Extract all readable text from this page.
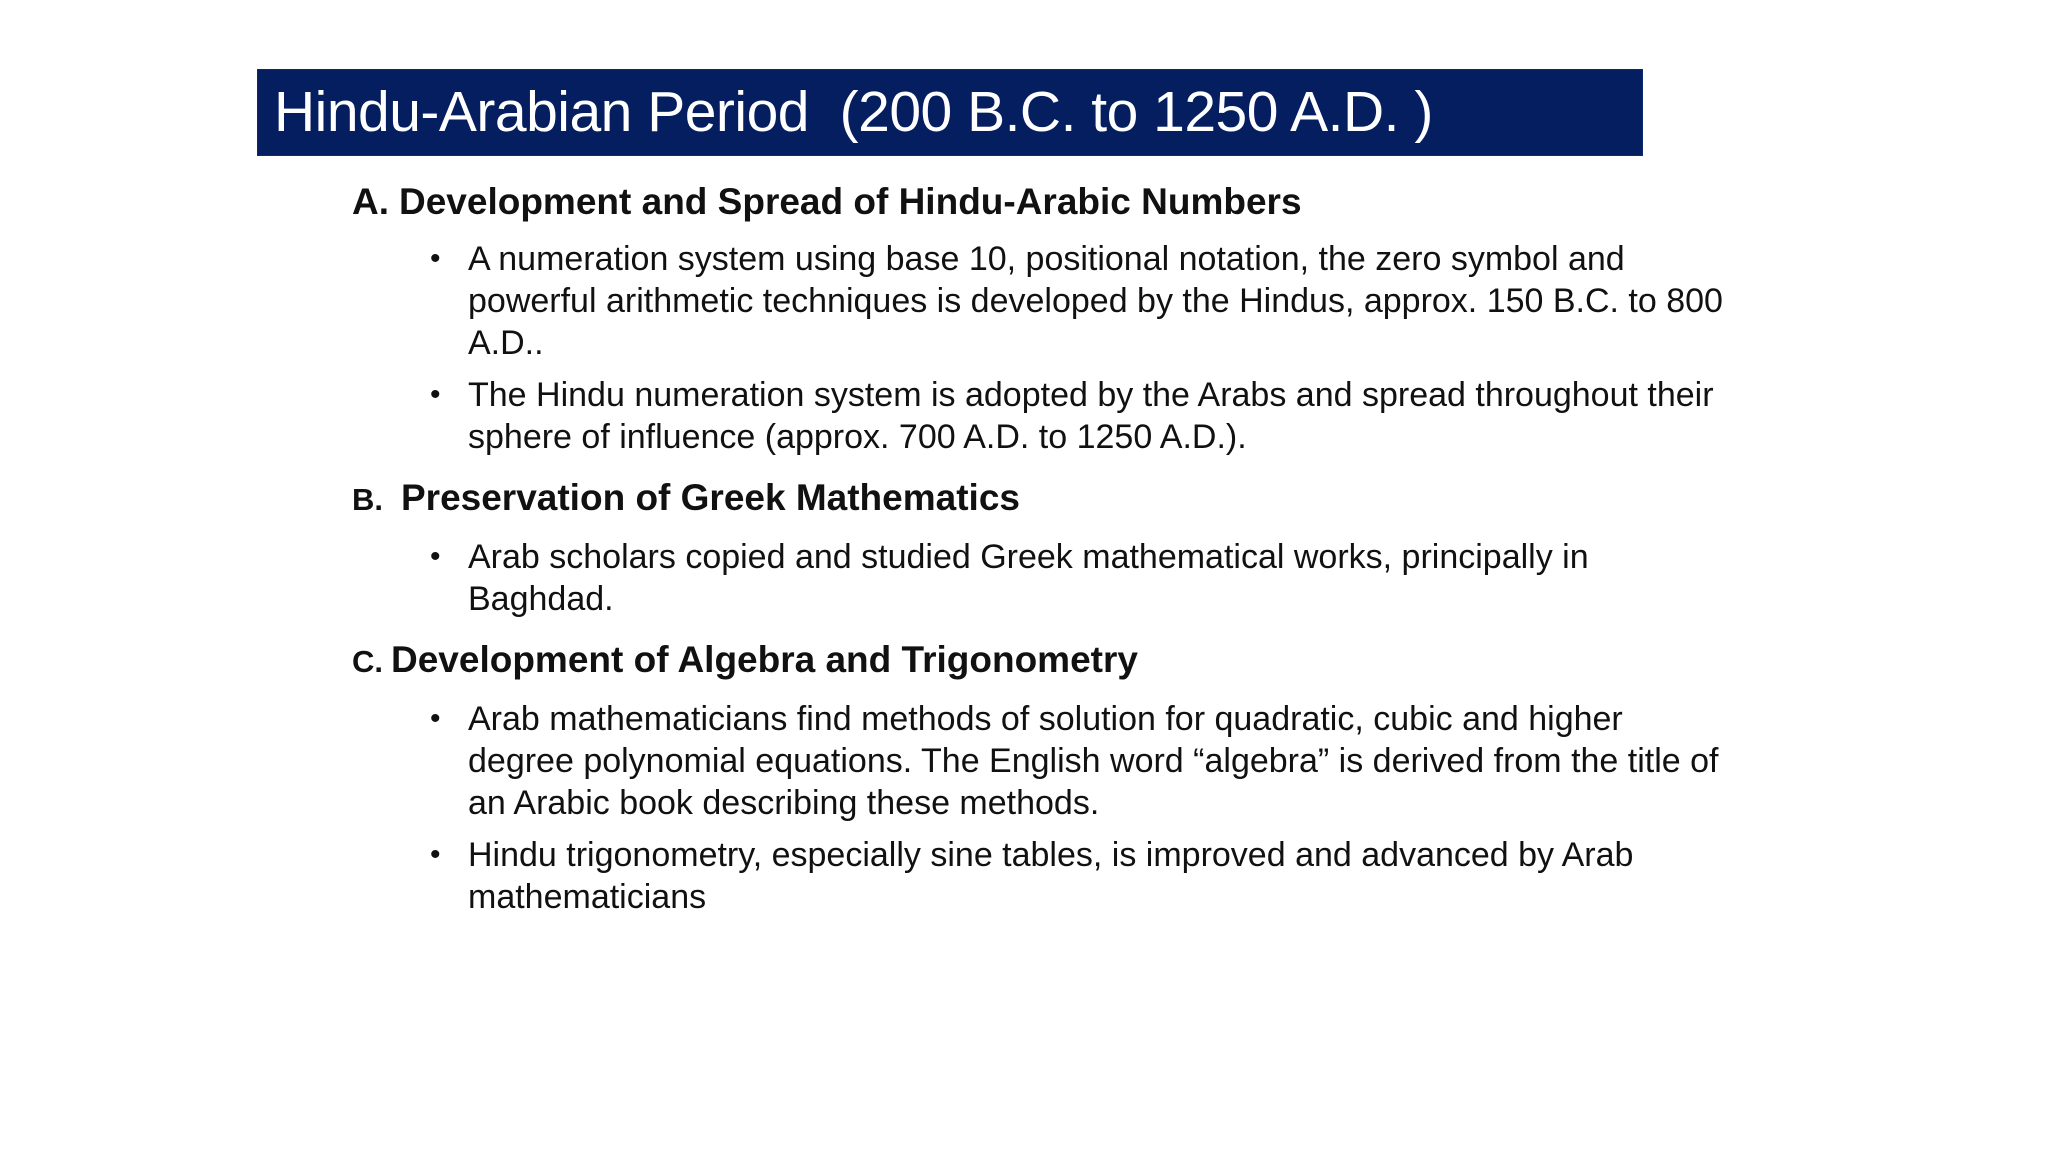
Hindu-Arabian Period  (200 B.C. to 1250 A.D. )
A. Development and Spread of Hindu-Arabic Numbers
• A numeration system using base 10, positional notation, the zero symbol and powerful arithmetic techniques is developed by the Hindus, approx. 150 B.C. to 800 A.D..
• The Hindu numeration system is adopted by the Arabs and spread throughout their sphere of influence (approx. 700 A.D. to 1250 A.D.).
B. Preservation of Greek Mathematics
• Arab scholars copied and studied Greek mathematical works, principally in Baghdad.
C. Development of Algebra and Trigonometry
• Arab mathematicians find methods of solution for quadratic, cubic and higher degree polynomial equations. The English word “algebra” is derived from the title of an Arabic book describing these methods.
• Hindu trigonometry, especially sine tables, is improved and advanced by Arab mathematicians
